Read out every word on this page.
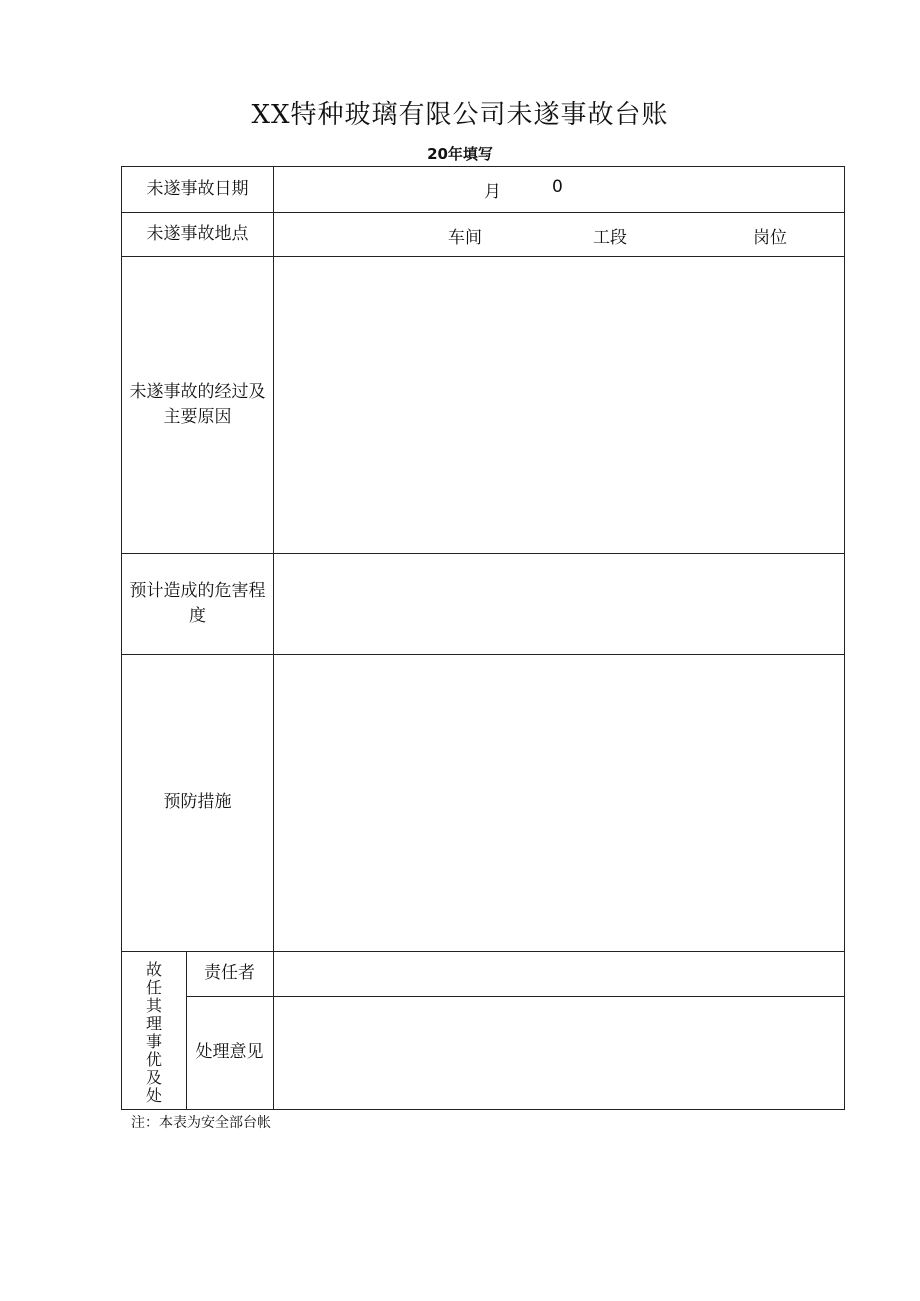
XX特种玻璃有限公司未遂事故台账
20年填写
未遂事故日期	月	0
未遂事故地点	车间	工段	岗位
未遂事故的经过及主要原因
预计造成的危害程度
预防措施
故任其理事优及处
责任者
处理意见
注：本表为安全部台帐
